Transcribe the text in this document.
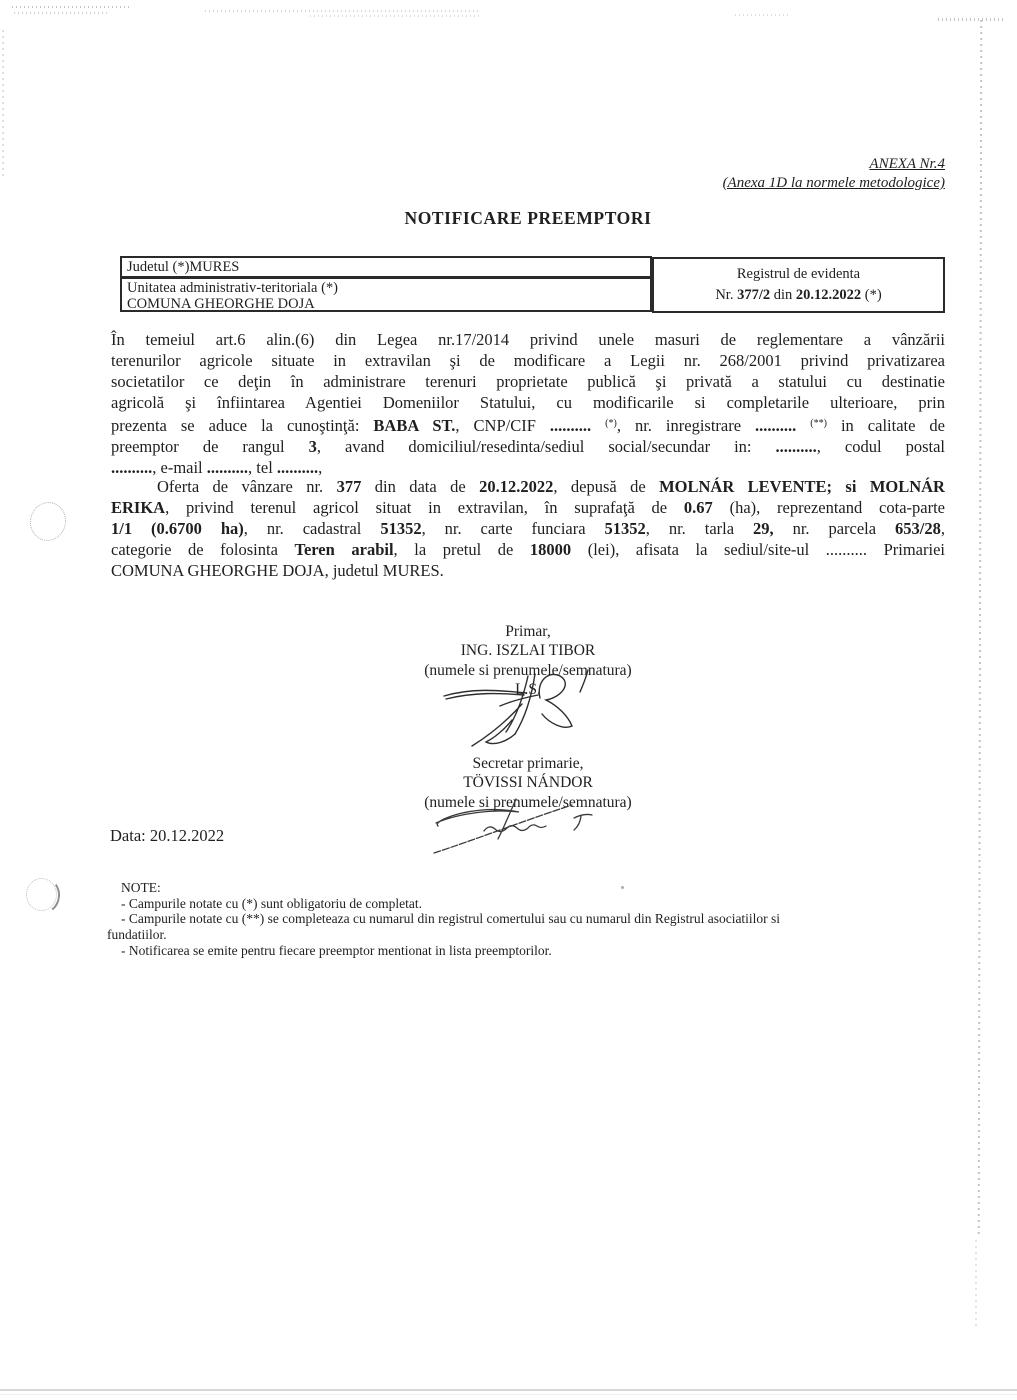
ANEXA Nr.4
(Anexa 1D la normele metodologice)
NOTIFICARE PREEMPTORI
Judetul (*)MURES
Unitatea administrativ-teritoriala (*)
COMUNA GHEORGHE DOJA
Registrul de evidenta
Nr. 377/2 din 20.12.2022 (*)
În temeiul art.6 alin.(6) din Legea nr.17/2014 privind unele masuri de reglementare a vânzării
terenurilor agricole situate in extravilan şi de modificare a Legii nr. 268/2001 privind privatizarea
societatilor ce deţin în administrare terenuri proprietate publică şi privată a statului cu destinatie
agricolă şi înfiintarea Agentiei Domeniilor Statului, cu modificarile si completarile ulterioare, prin
prezenta se aduce la cunoştinţă: BABA ST., CNP/CIF .......... (*), nr. inregistrare .......... (**) in calitate de
preemptor de rangul 3, avand domiciliul/resedinta/sediul social/secundar in: .........., codul postal
.........., e-mail .........., tel ..........,
Oferta de vânzare nr. 377 din data de 20.12.2022, depusă de MOLNÁR LEVENTE; si MOLNÁR
ERIKA, privind terenul agricol situat in extravilan, în suprafaţă de 0.67 (ha), reprezentand cota-parte
1/1 (0.6700 ha), nr. cadastral 51352, nr. carte funciara 51352, nr. tarla 29, nr. parcela 653/28,
categorie de folosinta Teren arabil, la pretul de 18000 (lei), afisata la sediul/site-ul .......... Primariei
COMUNA GHEORGHE DOJA, judetul MURES.
Primar,
ING. ISZLAI TIBOR
(numele si prenumele/semnatura)
L.S.
Secretar primarie,
TÖVISSI NÁNDOR
(numele si prenumele/semnatura)
Data: 20.12.2022
NOTE:
- Campurile notate cu (*) sunt obligatoriu de completat.
- Campurile notate cu (**) se completeaza cu numarul din registrul comertului sau cu numarul din Registrul asociatiilor si
fundatiilor.
- Notificarea se emite pentru fiecare preemptor mentionat in lista preemptorilor.
